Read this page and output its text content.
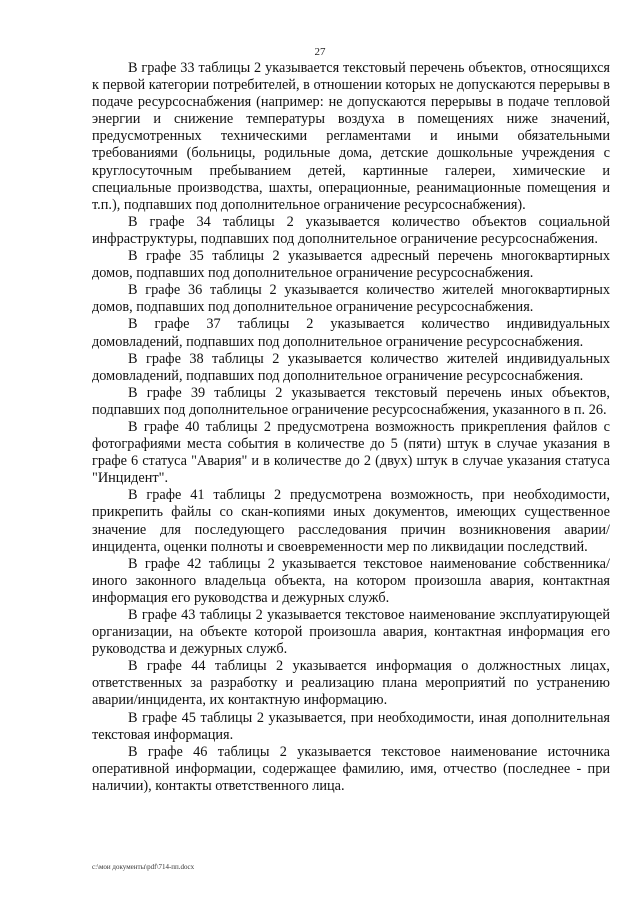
27

В графе 33 таблицы 2 указывается текстовый перечень объектов, относящихся к первой категории потребителей, в отношении которых не допускаются перерывы в подаче ресурсоснабжения (например: не допускаются перерывы в подаче тепловой энергии и снижение температуры воздуха в помещениях ниже значений, предусмотренных техническими регламентами и иными обязательными требованиями (больницы, родильные дома, детские дошкольные учреждения с круглосуточным пребыванием детей, картинные галереи, химические и специальные производства, шахты, операционные, реанимационные помещения и т.п.), подпавших под дополнительное ограничение ресурсоснабжения).

В графе 34 таблицы 2 указывается количество объектов социальной инфраструктуры, подпавших под дополнительное ограничение ресурсоснабжения.

В графе 35 таблицы 2 указывается адресный перечень многоквартирных домов, подпавших под дополнительное ограничение ресурсоснабжения.

В графе 36 таблицы 2 указывается количество жителей многоквартирных домов, подпавших под дополнительное ограничение ресурсоснабжения.

В графе 37 таблицы 2 указывается количество индивидуальных домовладений, подпавших под дополнительное ограничение ресурсоснабжения.

В графе 38 таблицы 2 указывается количество жителей индивидуальных домовладений, подпавших под дополнительное ограничение ресурсоснабжения.

В графе 39 таблицы 2 указывается текстовый перечень иных объектов, подпавших под дополнительное ограничение ресурсоснабжения, указанного в п. 26.

В графе 40 таблицы 2 предусмотрена возможность прикрепления файлов с фотографиями места события в количестве до 5 (пяти) штук в случае указания в графе 6 статуса "Авария" и в количестве до 2 (двух) штук в случае указания статуса "Инцидент".

В графе 41 таблицы 2 предусмотрена возможность, при необходимости, прикрепить файлы со скан-копиями иных документов, имеющих существенное значение для последующего расследования причин возникновения аварии/инцидента, оценки полноты и своевременности мер по ликвидации последствий.

В графе 42 таблицы 2 указывается текстовое наименование собственника/иного законного владельца объекта, на котором произошла авария, контактная информация его руководства и дежурных служб.

В графе 43 таблицы 2 указывается текстовое наименование эксплуатирующей организации, на объекте которой произошла авария, контактная информация его руководства и дежурных служб.

В графе 44 таблицы 2 указывается информация о должностных лицах, ответственных за разработку и реализацию плана мероприятий по устранению аварии/инцидента, их контактную информацию.

В графе 45 таблицы 2 указывается, при необходимости, иная дополнительная текстовая информация.

В графе 46 таблицы 2 указывается текстовое наименование источника оперативной информации, содержащее фамилию, имя, отчество (последнее - при наличии), контакты ответственного лица.

c:\мои документы\pdf\714-пп.docx
